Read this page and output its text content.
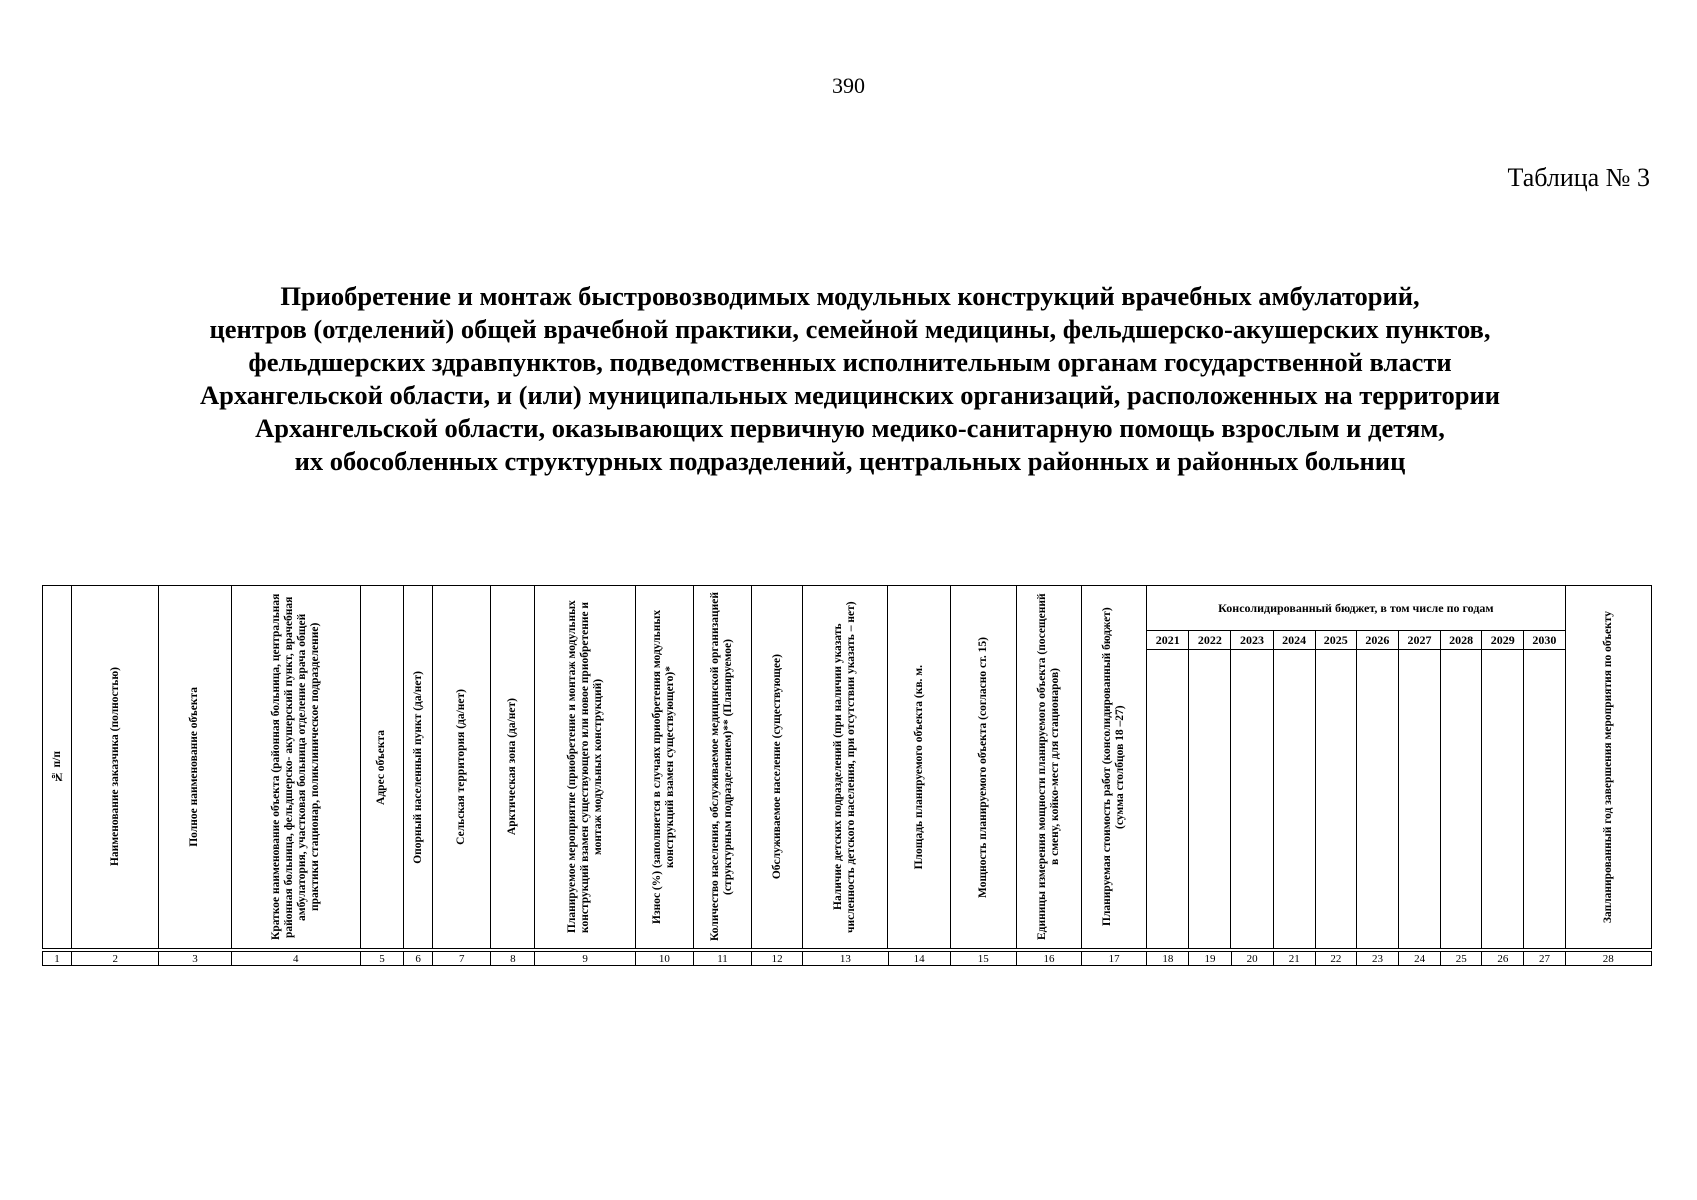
390
Таблица № 3
Приобретение и монтаж быстровозводимых модульных конструкций врачебных амбулаторий,
центров (отделений) общей врачебной практики, семейной медицины, фельдшерско-акушерских пунктов,
фельдшерских здравпунктов, подведомственных исполнительным органам государственной власти
Архангельской области, и (или) муниципальных медицинских организаций, расположенных на территории
Архангельской области, оказывающих первичную медико-санитарную помощь взрослым и детям,
их обособленных структурных подразделений, центральных районных и районных больниц
№ п/п	Наименование заказчика (полностью)	Полное наименование объекта	Краткое наименование объекта (районная больница, центральная районная больница, фельдшерско- акушерский пункт, врачебная амбулатория, участковая больница отделение врача общей практики стационар, поликлиническое подразделение)	Адрес объекта	Опорный населенный пункт (да/нет)	Сельская территория (да/нет)	Арктическая зона (да/нет)	Планируемое мероприятие (приобретение и монтаж модульных конструкций взамен существующего или новое приобретение и монтаж модульных конструкций)	Износ (%) (заполняется в случаях приобретения модульных конструкций взамен существующего)*	Количество населения, обслуживаемое медицинской организацией (структурным подразделением)** (Планируемое)	Обслуживаемое население (существующее)	Наличие детских подразделений (при наличии указать численность детского населения, при отсутствии указать – нет)	Площадь планируемого объекта (кв. м.	Мощность планируемого объекта (согласно ст. 15)	Единицы измерения мощности планируемого объекта (посещений в смену, койко-мест для стационаров)	Планируемая стоимость работ (консолидированный бюджет) (сумма столбцов 18 –27)	Консолидированный бюджет, в том числе по годам										Запланированный год завершения мероприятия по объекту

																	2021	2022	2023	2024	2025	2026	2027	2028	2029	2030	

1	2	3	4	5	6	7	8	9	10	11	12	13	14	15	16	17	18	19	20	21	22	23	24	25	26	27	28
